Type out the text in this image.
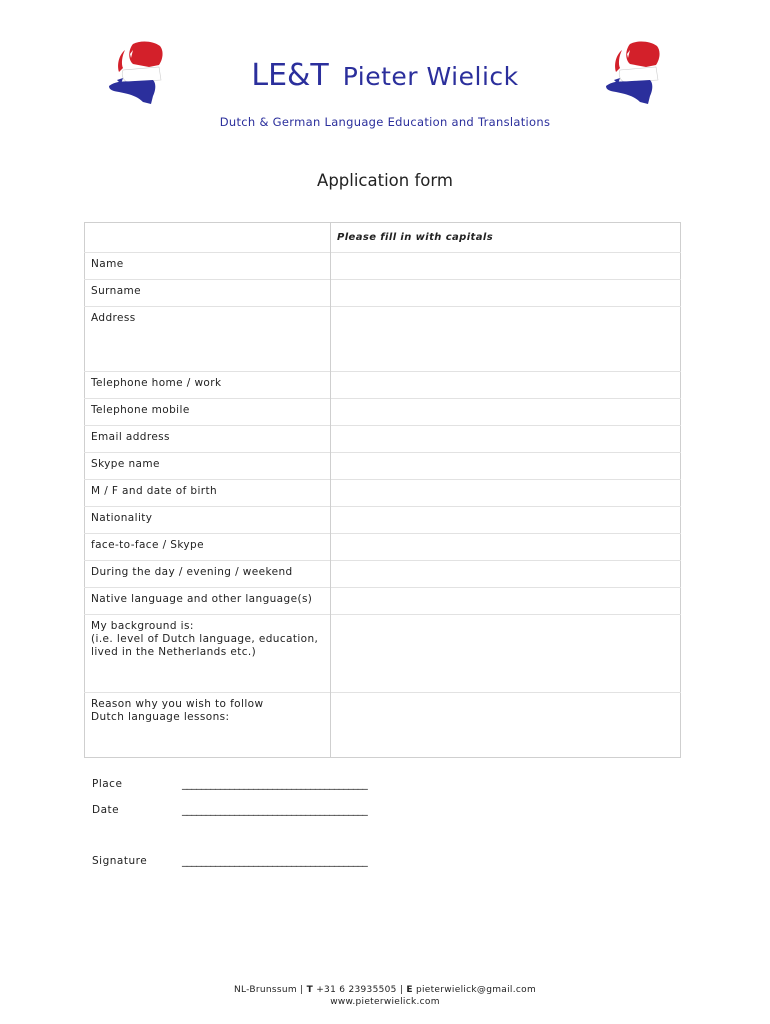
LE&T Pieter Wielick
Dutch & German Language Education and Translations
Application form
	Please fill in with capitals
Name	
Surname	
Address	
Telephone home / work	
Telephone mobile	
Email address	
Skype name	
M / F and date of birth	
Nationality	
face-to-face / Skype	
During the day / evening / weekend	
Native language and other language(s)	

My background is:
(i.e. level of Dutch language, education,
lived in the Netherlands etc.)	

Reason why you wish to follow
Dutch language lessons:	

Place	_______________________________________
Date	_______________________________________
Signature	_______________________________________
NL-Brunssum | T +31 6 23935505 | E pieterwielick@gmail.com
www.pieterwielick.com
